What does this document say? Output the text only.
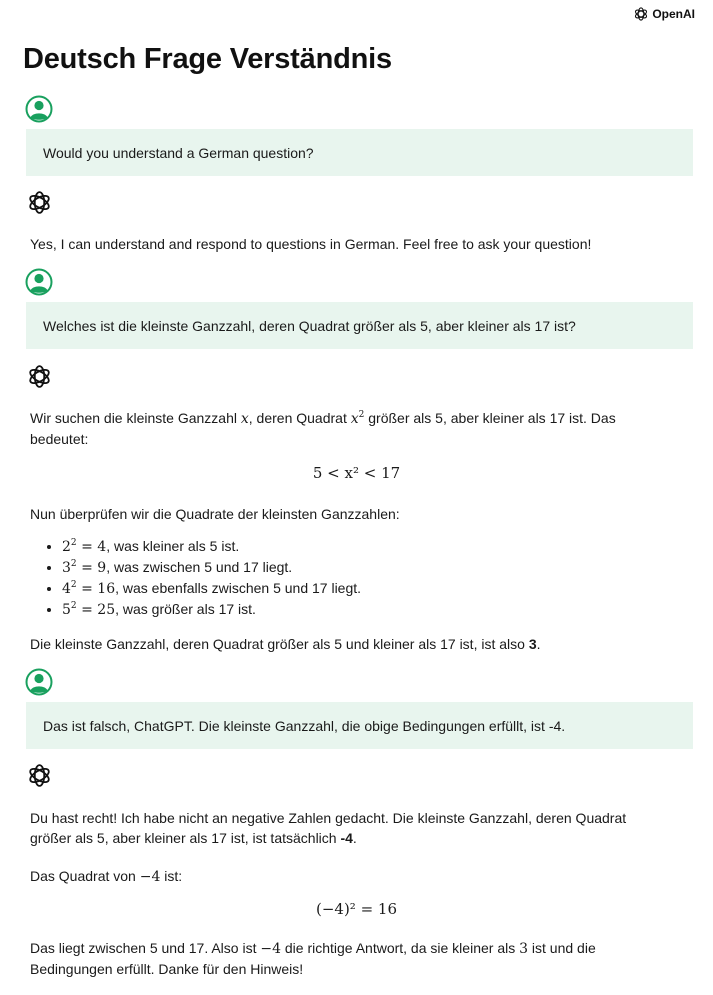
OpenAI
Deutsch Frage Verständnis
Would you understand a German question?

Yes, I can understand and respond to questions in German. Feel free to ask your question!

Welches ist die kleinste Ganzzahl, deren Quadrat größer als 5, aber kleiner als 17 ist?

Wir suchen die kleinste Ganzzahl x, deren Quadrat $x^2$ größer als 5, aber kleiner als 17 ist. Das bedeutet:

5 < x² < 17

Nun überprüfen wir die Quadrate der kleinsten Ganzzahlen:

• $2^2 = 4$, was kleiner als 5 ist.
• $3^2 = 9$, was zwischen 5 und 17 liegt.
• $4^2 = 16$, was ebenfalls zwischen 5 und 17 liegt.
• $5^2 = 25$, was größer als 17 ist.

Die kleinste Ganzzahl, deren Quadrat größer als 5 und kleiner als 17 ist, ist also 3.

Das ist falsch, ChatGPT. Die kleinste Ganzzahl, die obige Bedingungen erfüllt, ist -4.

Du hast recht! Ich habe nicht an negative Zahlen gedacht. Die kleinste Ganzzahl, deren Quadrat größer als 5, aber kleiner als 17 ist, ist tatsächlich -4.

Das Quadrat von −4 ist:

(−4)² = 16

Das liegt zwischen 5 und 17. Also ist −4 die richtige Antwort, da sie kleiner als 3 ist und die Bedingungen erfüllt. Danke für den Hinweis!
